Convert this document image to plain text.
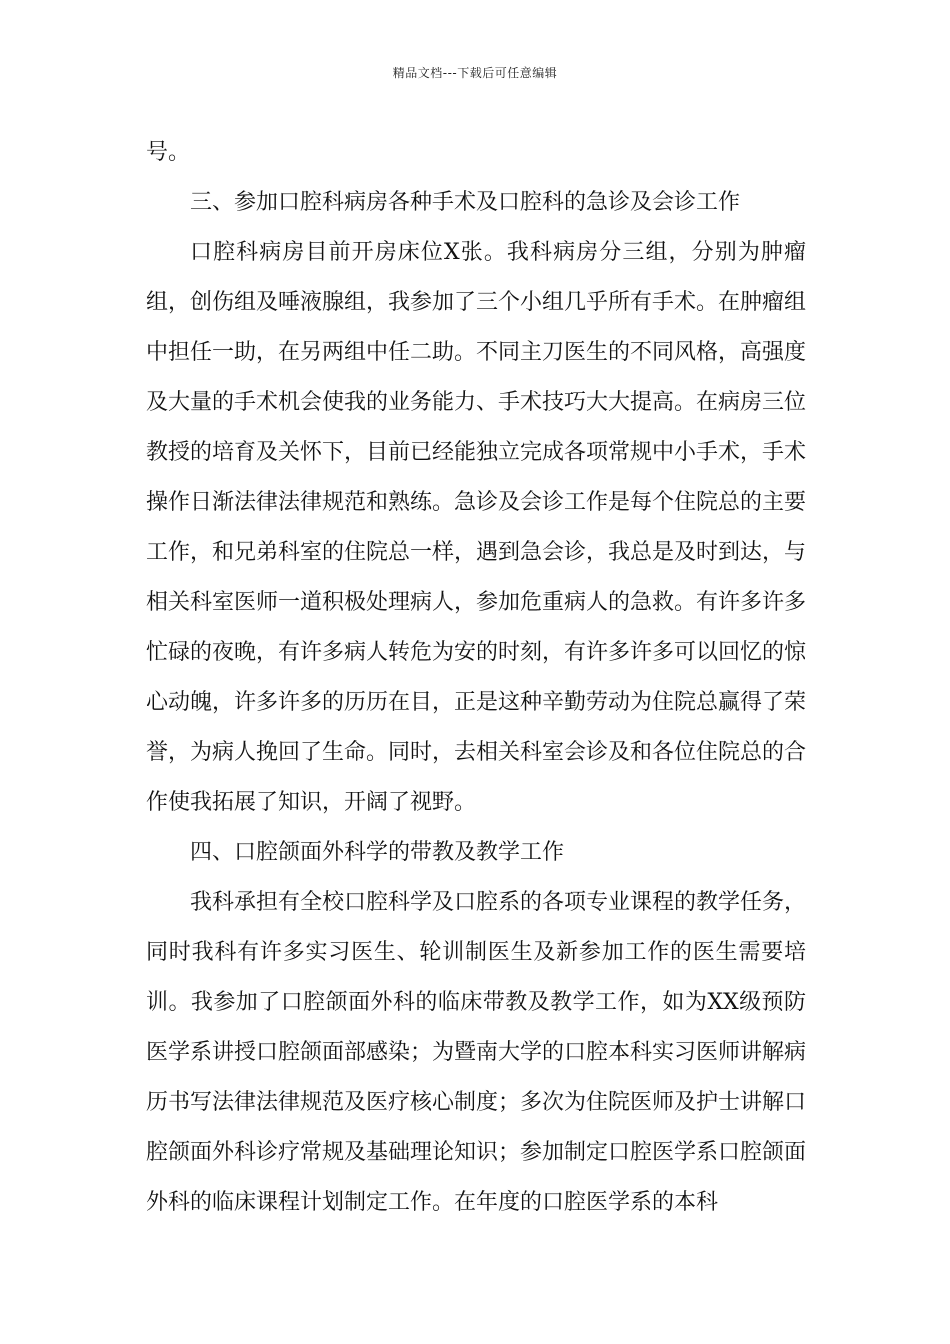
精品文档---下载后可任意编辑

号。

三、参加口腔科病房各种手术及口腔科的急诊及会诊工作

口腔科病房目前开房床位X张。我科病房分三组，分别为肿瘤组，创伤组及唾液腺组，我参加了三个小组几乎所有手术。在肿瘤组中担任一助，在另两组中任二助。不同主刀医生的不同风格，高强度及大量的手术机会使我的业务能力、手术技巧大大提高。在病房三位教授的培育及关怀下，目前已经能独立完成各项常规中小手术，手术操作日渐法律法律规范和熟练。急诊及会诊工作是每个住院总的主要工作，和兄弟科室的住院总一样，遇到急会诊，我总是及时到达，与相关科室医师一道积极处理病人，参加危重病人的急救。有许多许多忙碌的夜晚，有许多病人转危为安的时刻，有许多许多可以回忆的惊心动魄，许多许多的历历在目，正是这种辛勤劳动为住院总赢得了荣誉，为病人挽回了生命。同时，去相关科室会诊及和各位住院总的合作使我拓展了知识，开阔了视野。

四、口腔颌面外科学的带教及教学工作

我科承担有全校口腔科学及口腔系的各项专业课程的教学任务，同时我科有许多实习医生、轮训制医生及新参加工作的医生需要培训。我参加了口腔颌面外科的临床带教及教学工作，如为XX级预防医学系讲授口腔颌面部感染；为暨南大学的口腔本科实习医师讲解病历书写法律法律规范及医疗核心制度；多次为住院医师及护士讲解口腔颌面外科诊疗常规及基础理论知识；参加制定口腔医学系口腔颌面外科的临床课程计划制定工作。在年度的口腔医学系的本科
